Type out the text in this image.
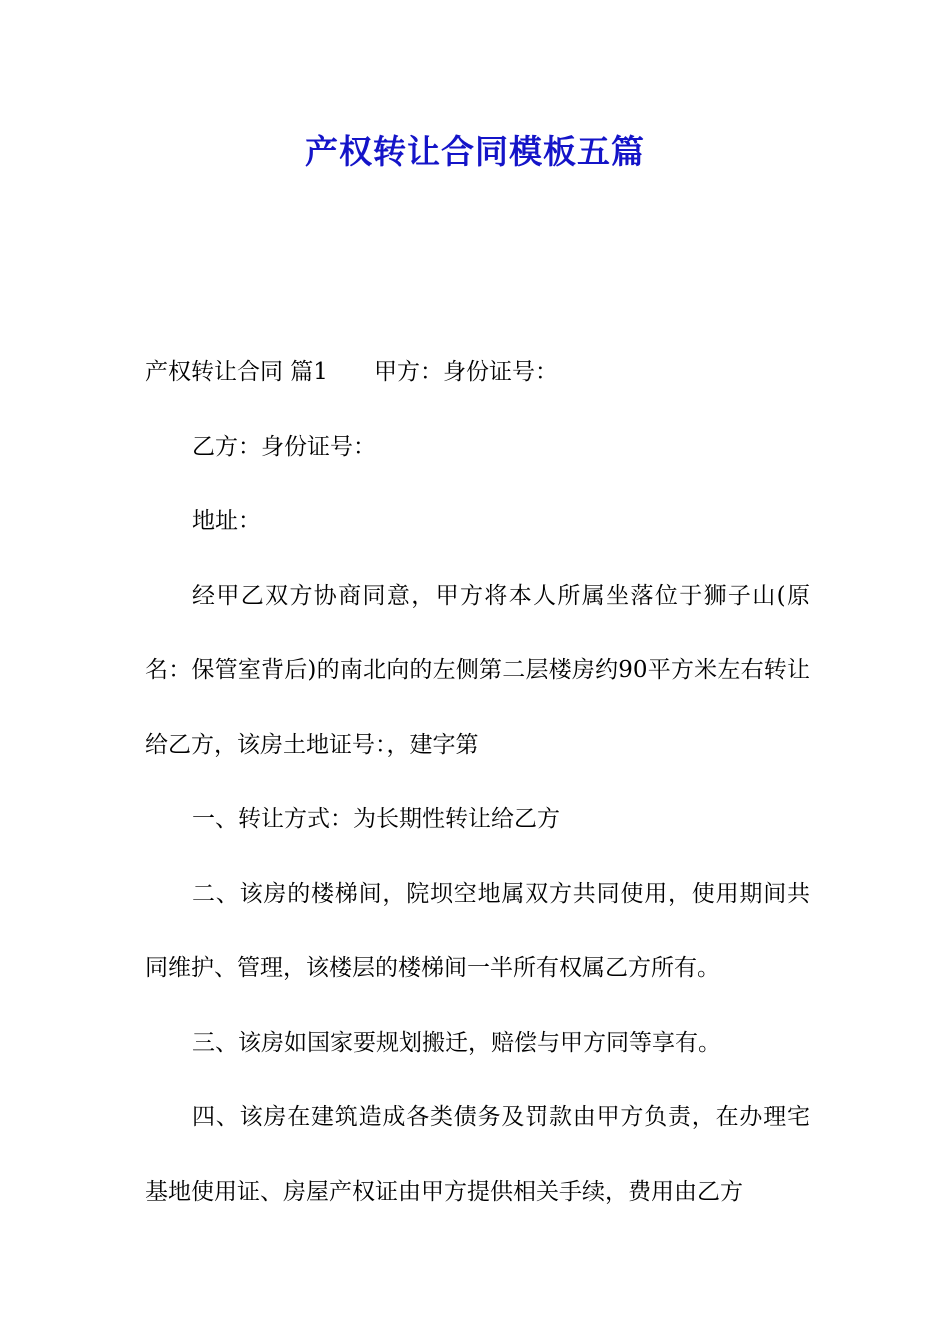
产权转让合同模板五篇

产权转让合同 篇1 甲方：身份证号：

乙方：身份证号：

地址：

经甲乙双方协商同意，甲方将本人所属坐落位于狮子山(原名：保管室背后)的南北向的左侧第二层楼房约90平方米左右转让给乙方，该房土地证号：，建字第

一、转让方式：为长期性转让给乙方

二、该房的楼梯间，院坝空地属双方共同使用，使用期间共同维护、管理，该楼层的楼梯间一半所有权属乙方所有。

三、该房如国家要规划搬迁，赔偿与甲方同等享有。

四、该房在建筑造成各类债务及罚款由甲方负责，在办理宅基地使用证、房屋产权证由甲方提供相关手续，费用由乙方
